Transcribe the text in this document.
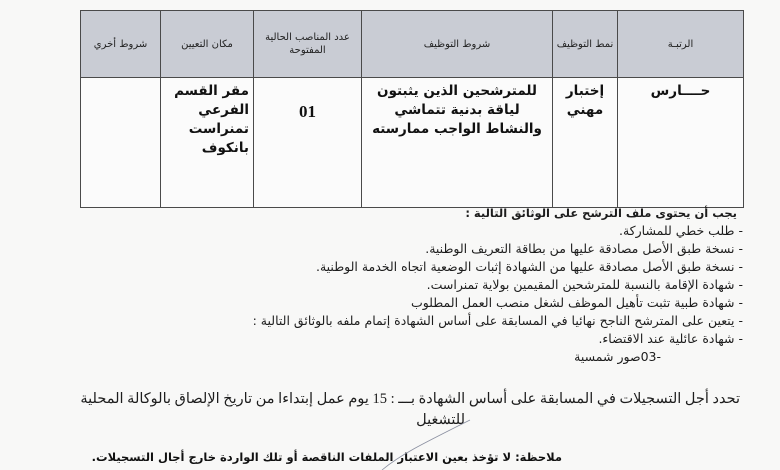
الرتبـة	نمط التوظيف	شروط التوظيف	عدد المناصب الحالية المفتوحة	مكان التعيين	شروط أخري
حــــارس	إختبار مهني	للمترشحين الذين يثبتون لياقة بدنية تتماشي والنشاط الواجب ممارسته	01	مقر القسم الفرعي تمنراست بانكوف	
يجب أن يحتوى ملف الترشح على الوثائق التالية :
- طلب خطي للمشاركة.
- نسخة طبق الأصل مصادقة عليها من بطاقة التعريف الوطنية.
- نسخة طبق الأصل مصادقة عليها من الشهادة إثبات الوضعية اتجاه الخدمة الوطنية.
- شهادة الإقامة بالنسبة للمترشحين المقيمين بولاية تمنراست.
- شهادة طبية تثبت تأهيل الموظف لشغل منصب العمل المطلوب
- يتعين على المترشح الناجح نهائيا في المسابقة على أساس الشهادة إتمام ملفه بالوثائق التالية :
- شهادة عائلية عند الاقتضاء.
-03صور شمسية
تحدد أجل التسجيلات في المسابقة على أساس الشهادة بـــ : 15 يوم عمل إبتداءا من تاريخ الإلصاق بالوكالة المحلية
للتشغيل
ملاحظة: لا تؤخذ بعين الاعتبار الملفات الناقصة أو تلك الواردة خارج أجال التسجيلات.
